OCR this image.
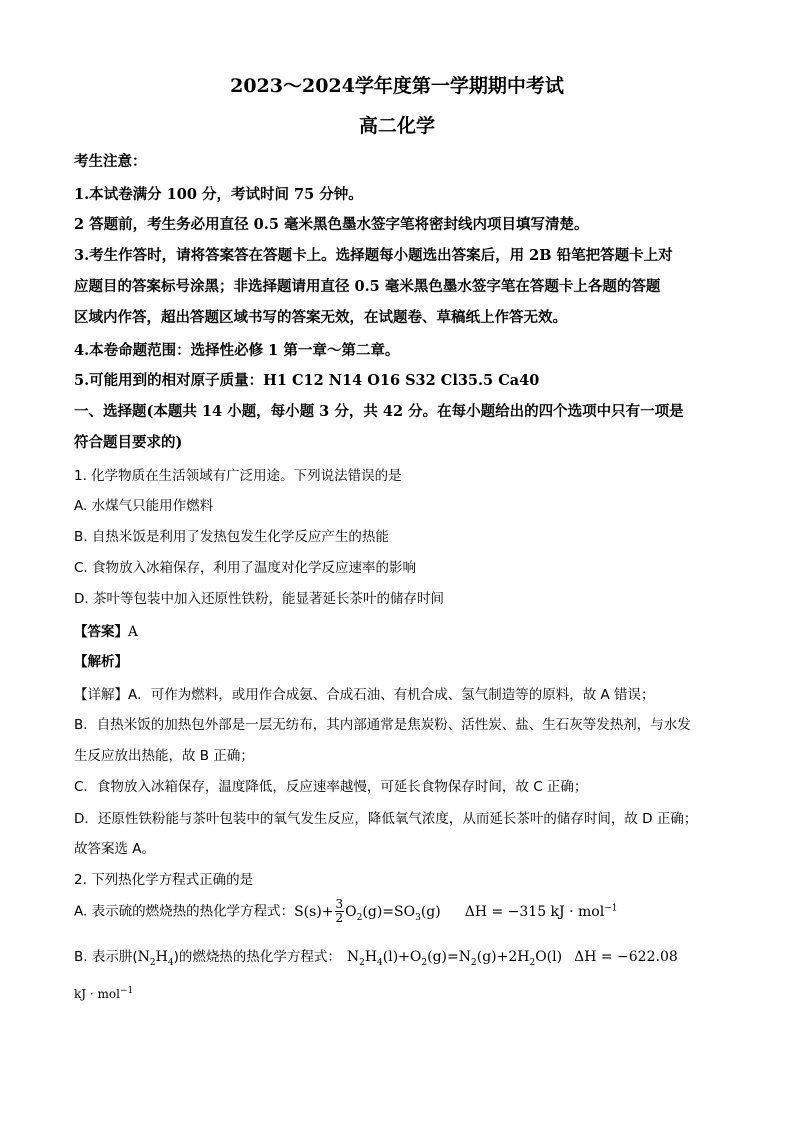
2023～2024学年度第一学期期中考试
高二化学
考生注意：
1.本试卷满分 100 分，考试时间 75 分钟。
2 答题前，考生务必用直径 0.5 毫米黑色墨水签字笔将密封线内项目填写清楚。
3.考生作答时，请将答案答在答题卡上。选择题每小题选出答案后，用 2B 铅笔把答题卡上对
应题目的答案标号涂黑；非选择题请用直径 0.5 毫米黑色墨水签字笔在答题卡上各题的答题
区域内作答，超出答题区域书写的答案无效，在试题卷、草稿纸上作答无效。
4.本卷命题范围：选择性必修 1 第一章～第二章。
5.可能用到的相对原子质量：H1 C12 N14 O16 S32 Cl35.5 Ca40
一、选择题(本题共 14 小题，每小题 3 分，共 42 分。在每小题给出的四个选项中只有一项是
符合题目要求的)
1. 化学物质在生活领域有广泛用途。下列说法错误的是
A. 水煤气只能用作燃料
B. 自热米饭是利用了发热包发生化学反应产生的热能
C. 食物放入冰箱保存，利用了温度对化学反应速率的影响
D. 茶叶等包装中加入还原性铁粉，能显著延长茶叶的储存时间
【答案】A
【解析】
【详解】A．可作为燃料，或用作合成氨、合成石油、有机合成、氢气制造等的原料，故 A 错误；
B．自热米饭的加热包外部是一层无纺布，其内部通常是焦炭粉、活性炭、盐、生石灰等发热剂，与水发
生反应放出热能，故 B 正确；
C．食物放入冰箱保存，温度降低，反应速率越慢，可延长食物保存时间，故 C 正确；
D．还原性铁粉能与茶叶包装中的氧气发生反应，降低氧气浓度，从而延长茶叶的储存时间，故 D 正确；
故答案选 A。
2. 下列热化学方程式正确的是
A. 表示硫的燃烧热的热化学方程式：$S(s)+ \frac{3}{2} O_2(g)=SO_3(g) \Delta H = -315$ kJ · mol$^{-1}$
B. 表示肼$(N_2H_4)$的燃烧热的热化学方程式： $N_2H_4(l)+O_2(g)=N_2(g)+2H_2O(l) \Delta H = -622.08$
kJ · mol$^{-1}$
